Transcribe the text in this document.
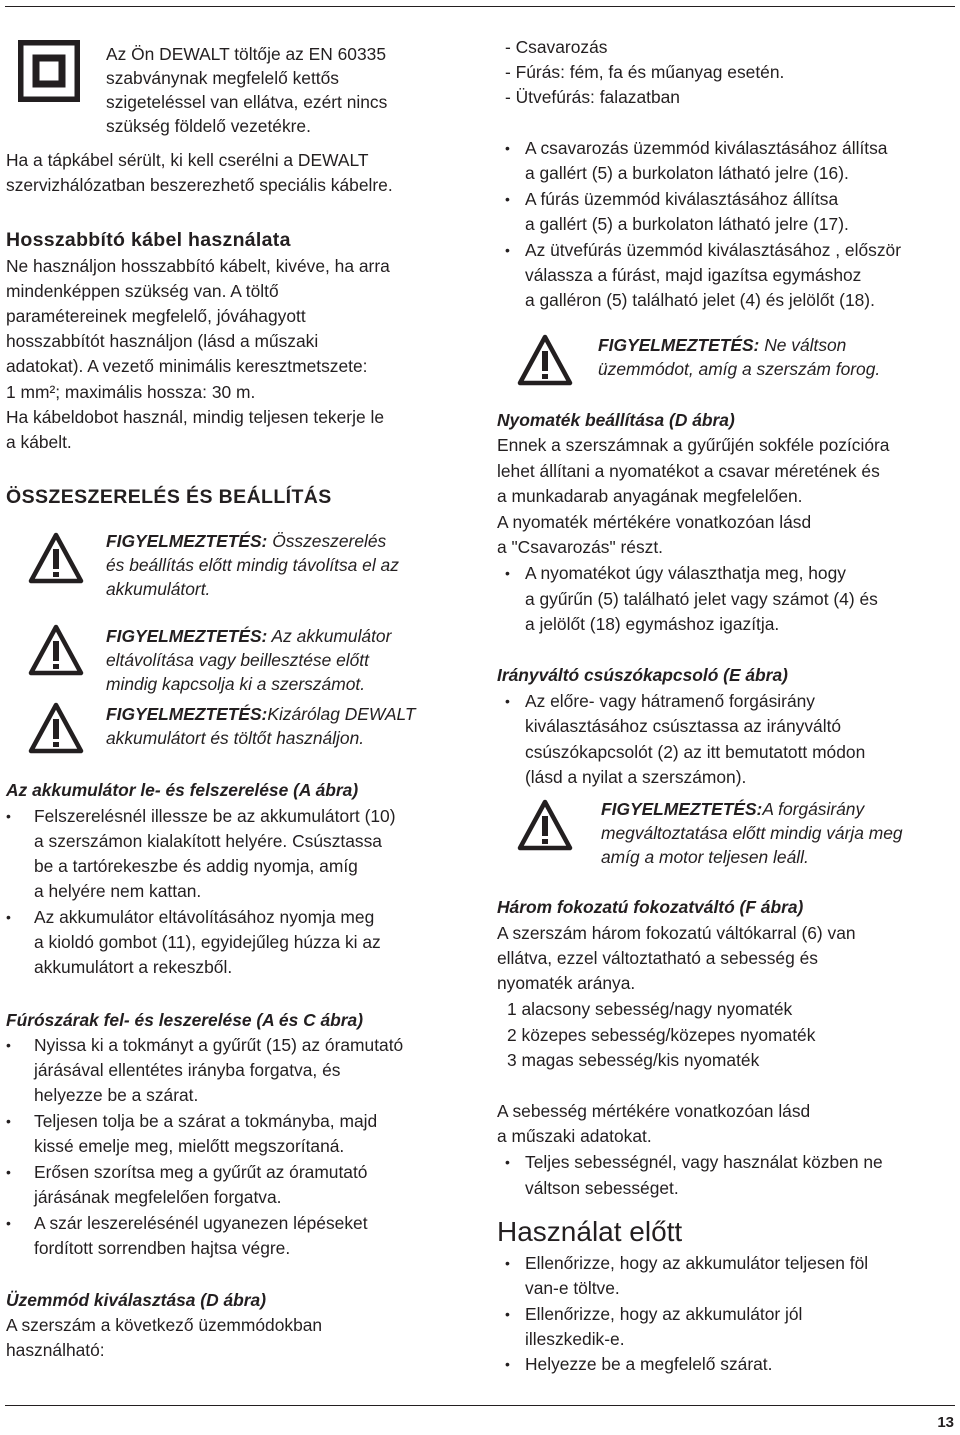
Az Ön DEWALT töltője az EN 60335
szabványnak megfelelő kettős
szigeteléssel van ellátva, ezért nincs
szükség földelő vezetékre.
Ha a tápkábel sérült, ki kell cserélni a DEWALT
szervizhálózatban beszerezhető speciális kábelre.
Hosszabbító kábel használata
Ne használjon hosszabbító kábelt, kivéve, ha arra
mindenképpen szükség van. A töltő
paramétereinek megfelelő, jóváhagyott
hosszabbítót használjon (lásd a műszaki
adatokat). A vezető minimális keresztmetszete:
1 mm²; maximális hossza: 30 m.
Ha kábeldobot használ, mindig teljesen tekerje le
a kábelt.
ÖSSZESZERELÉS ÉS BEÁLLÍTÁS
FIGYELMEZTETÉS: Összeszerelés
és beállítás előtt mindig távolítsa el az
akkumulátort.
FIGYELMEZTETÉS: Az akkumulátor
eltávolítása vagy beillesztése előtt
mindig kapcsolja ki a szerszámot.
FIGYELMEZTETÉS:Kizárólag DEWALT
akkumulátort és töltőt használjon.
Az akkumulátor le- és felszerelése (A ábra)
• Felszerelésnél illessze be az akkumulátort (10)
a szerszámon kialakított helyére. Csúsztassa
be a tartórekeszbe és addig nyomja, amíg
a helyére nem kattan.
• Az akkumulátor eltávolításához nyomja meg
a kioldó gombot (11), egyidejűleg húzza ki az
akkumulátort a rekeszből.
Fúrószárak fel- és leszerelése (A és C ábra)
• Nyissa ki a tokmányt a gyűrűt (15) az óramutató
járásával ellentétes irányba forgatva, és
helyezze be a szárat.
• Teljesen tolja be a szárat a tokmányba, majd
kissé emelje meg, mielőtt megszorítaná.
• Erősen szorítsa meg a gyűrűt az óramutató
járásának megfelelően forgatva.
• A szár leszerelésénél ugyanezen lépéseket
fordított sorrendben hajtsa végre.
Üzemmód kiválasztása (D ábra)
A szerszám a következő üzemmódokban
használható:
- Csavarozás
- Fúrás: fém, fa és műanyag esetén.
- Ütvefúrás: falazatban
• A csavarozás üzemmód kiválasztásához állítsa
a gallért (5) a burkolaton látható jelre (16).
• A fúrás üzemmód kiválasztásához állítsa
a gallért (5) a burkolaton látható jelre (17).
• Az ütvefúrás üzemmód kiválasztásához , először
válassza a fúrást, majd igazítsa egymáshoz
a galléron (5) található jelet (4) és jelölőt (18).
FIGYELMEZTETÉS: Ne váltson
üzemmódot, amíg a szerszám forog.
Nyomaték beállítása (D ábra)
Ennek a szerszámnak a gyűrűjén sokféle pozícióra
lehet állítani a nyomatékot a csavar méretének és
a munkadarab anyagának megfelelően.
A nyomaték mértékére vonatkozóan lásd
a "Csavarozás" részt.
• A nyomatékot úgy választhatja meg, hogy
a gyűrűn (5) található jelet vagy számot (4) és
a jelölőt (18) egymáshoz igazítja.
Irányváltó csúszókapcsoló (E ábra)
• Az előre- vagy hátramenő forgásirány
kiválasztásához csúsztassa az irányváltó
csúszókapcsolót (2) az itt bemutatott módon
(lásd a nyilat a szerszámon).
FIGYELMEZTETÉS:A forgásirány
megváltoztatása előtt mindig várja meg
amíg a motor teljesen leáll.
Három fokozatú fokozatváltó (F ábra)
A szerszám három fokozatú váltókarral (6) van
ellátva, ezzel változtatható a sebesség és
nyomaték aránya.
1 alacsony sebesség/nagy nyomaték
2 közepes sebesség/közepes nyomaték
3 magas sebesség/kis nyomaték
A sebesség mértékére vonatkozóan lásd
a műszaki adatokat.
• Teljes sebességnél, vagy használat közben ne
váltson sebességet.
Használat előtt
• Ellenőrizze, hogy az akkumulátor teljesen föl
van-e töltve.
• Ellenőrizze, hogy az akkumulátor jól
illeszkedik-e.
• Helyezze be a megfelelő szárat.
13
